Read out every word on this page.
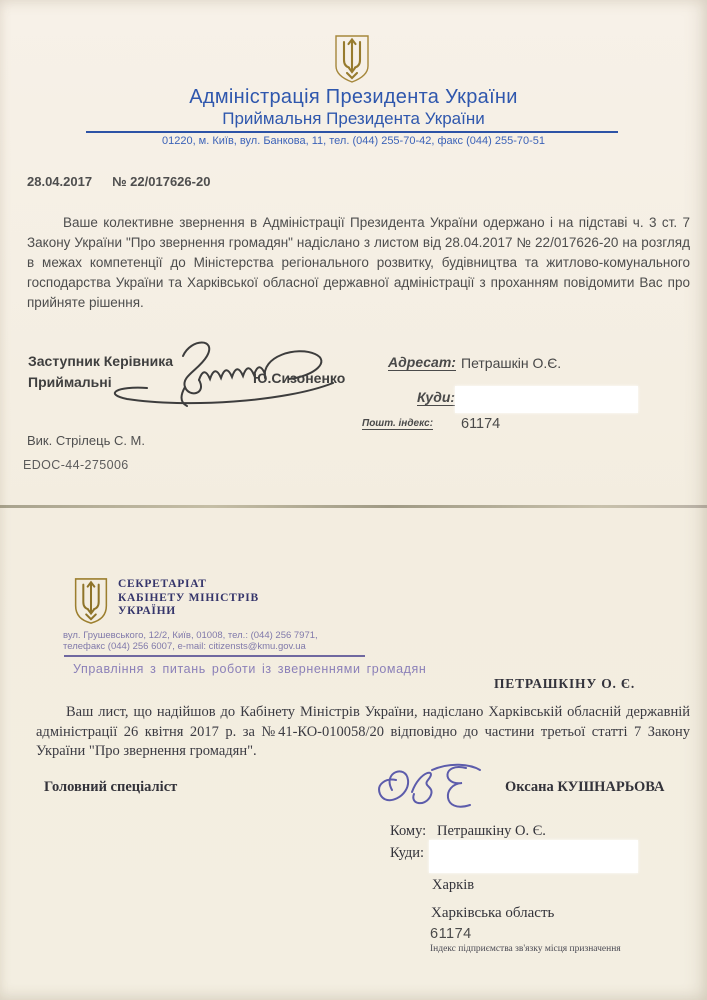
Адміністрація Президента України
Приймальня Президента України
01220, м. Київ, вул. Банкова, 11, тел. (044) 255-70-42, факс (044) 255-70-51
28.04.2017 № 22/017626-20
Ваше колективне звернення в Адміністрації Президента України одержано і на підставі ч. 3 ст. 7 Закону України "Про звернення громадян" надіслано з листом від 28.04.2017 № 22/017626-20 на розгляд в межах компетенції до Міністерства регіонального розвитку, будівництва та житлово-комунального господарства України та Харківської обласної державної адміністрації з проханням повідомити Вас про прийняте рішення.
Заступник Керівника
Приймальні	Ю.Сизоненко
Адресат: Петрашкін О.Є.
Куди:
Пошт. індекс: 61174
Вик. Стрілець С. М.
EDOC-44-275006
СЕКРЕТАРІАТ
КАБІНЕТУ МІНІСТРІВ
УКРАЇНИ
вул. Грушевського, 12/2, Київ, 01008, тел.: (044) 256 7971,
телефакс (044) 256 6007, e-mail: citizensts@kmu.gov.ua
Управління з питань роботи із зверненнями громадян
ПЕТРАШКІНУ О. Є.
Ваш лист, що надійшов до Кабінету Міністрів України, надіслано Харківській обласній державній адміністрації 26 квітня 2017 р. за №41-КО-010058/20 відповідно до частини третьої статті 7 Закону України "Про звернення громадян".
Головний спеціаліст	Оксана КУШНАРЬОВА
Кому: Петрашкіну О. Є.
Куди:
Харків
Харківська область
61174
Індекс підприємства зв'язку місця призначення
